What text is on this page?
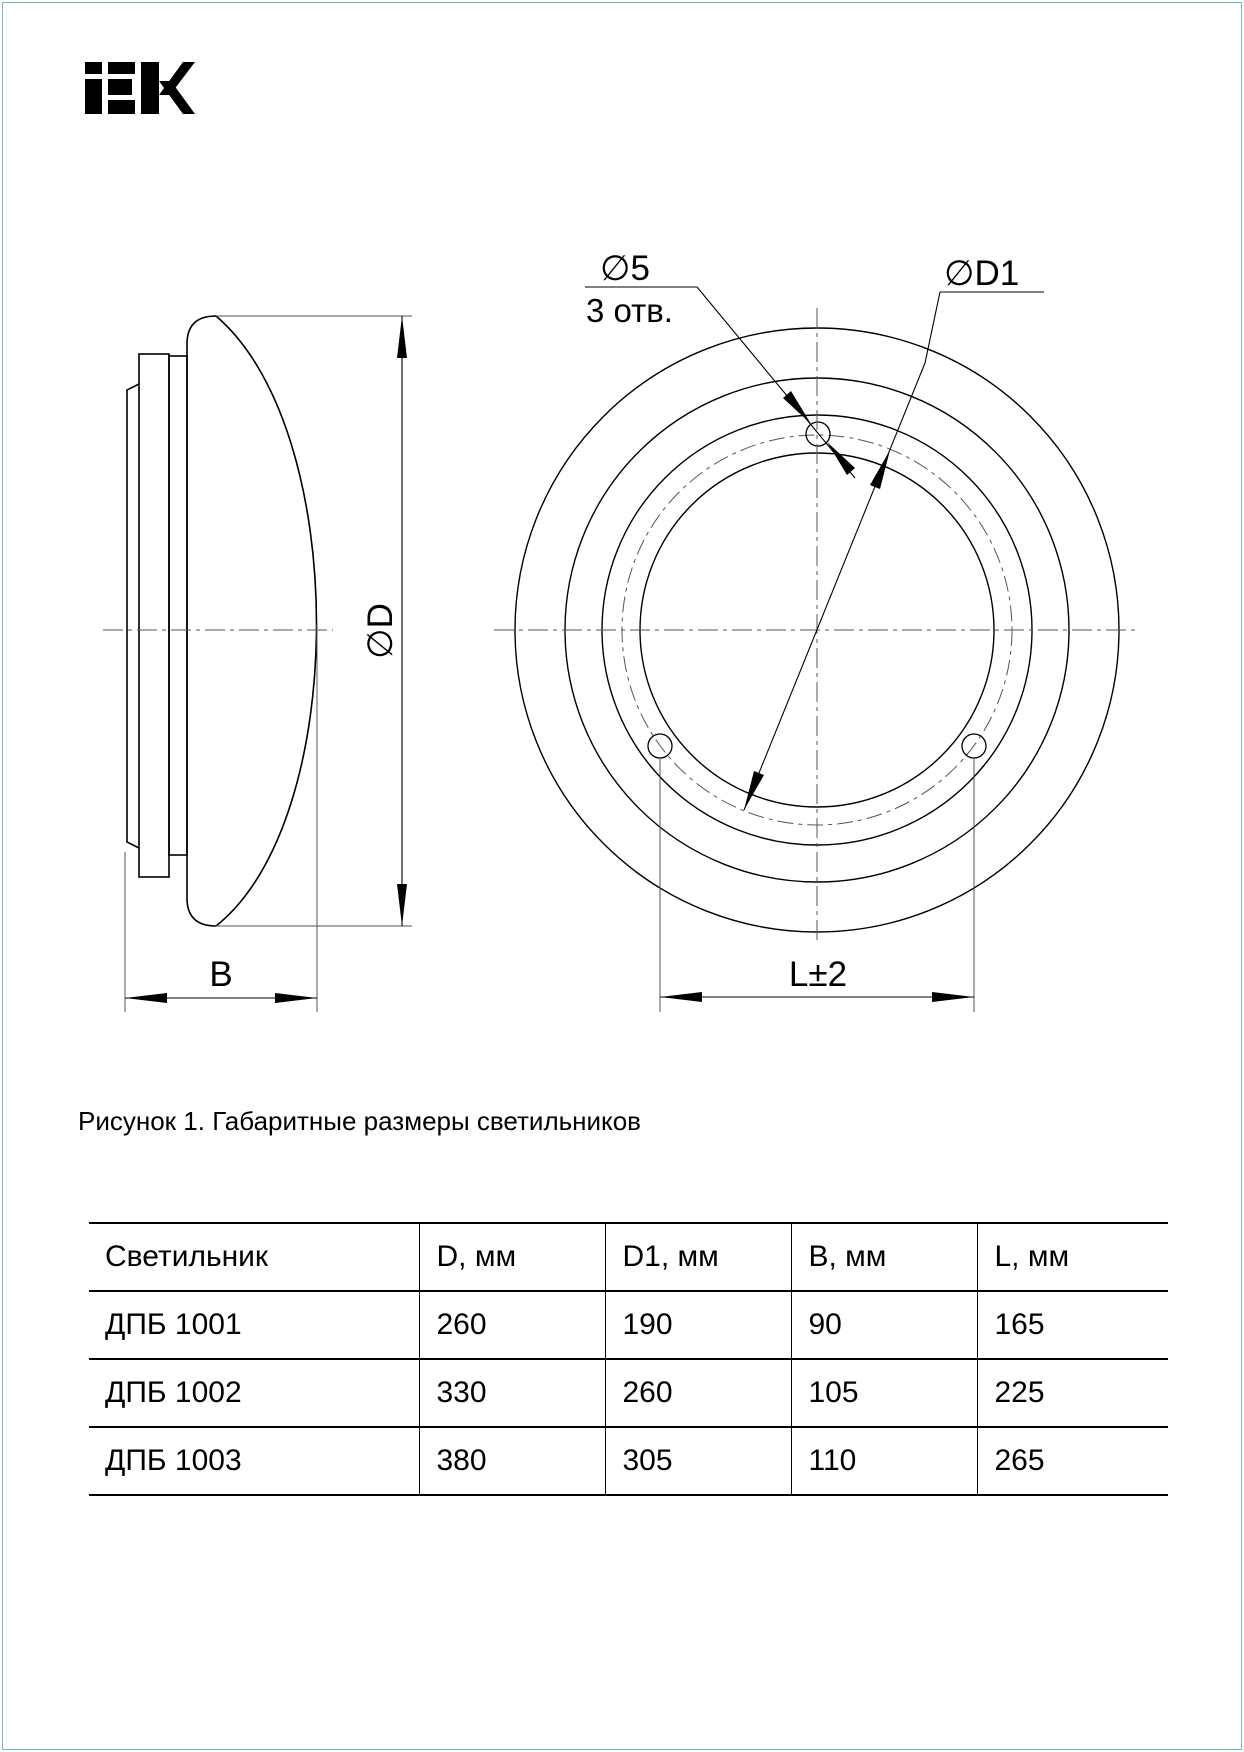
∅D
B
∅5
3 отв.
∅D1
L±2
Рисунок 1. Габаритные размеры светильников
Светильник	D, мм	D1, мм	B, мм	L, мм
ДПБ 1001	260	190	90	165
ДПБ 1002	330	260	105	225
ДПБ 1003	380	305	110	265
